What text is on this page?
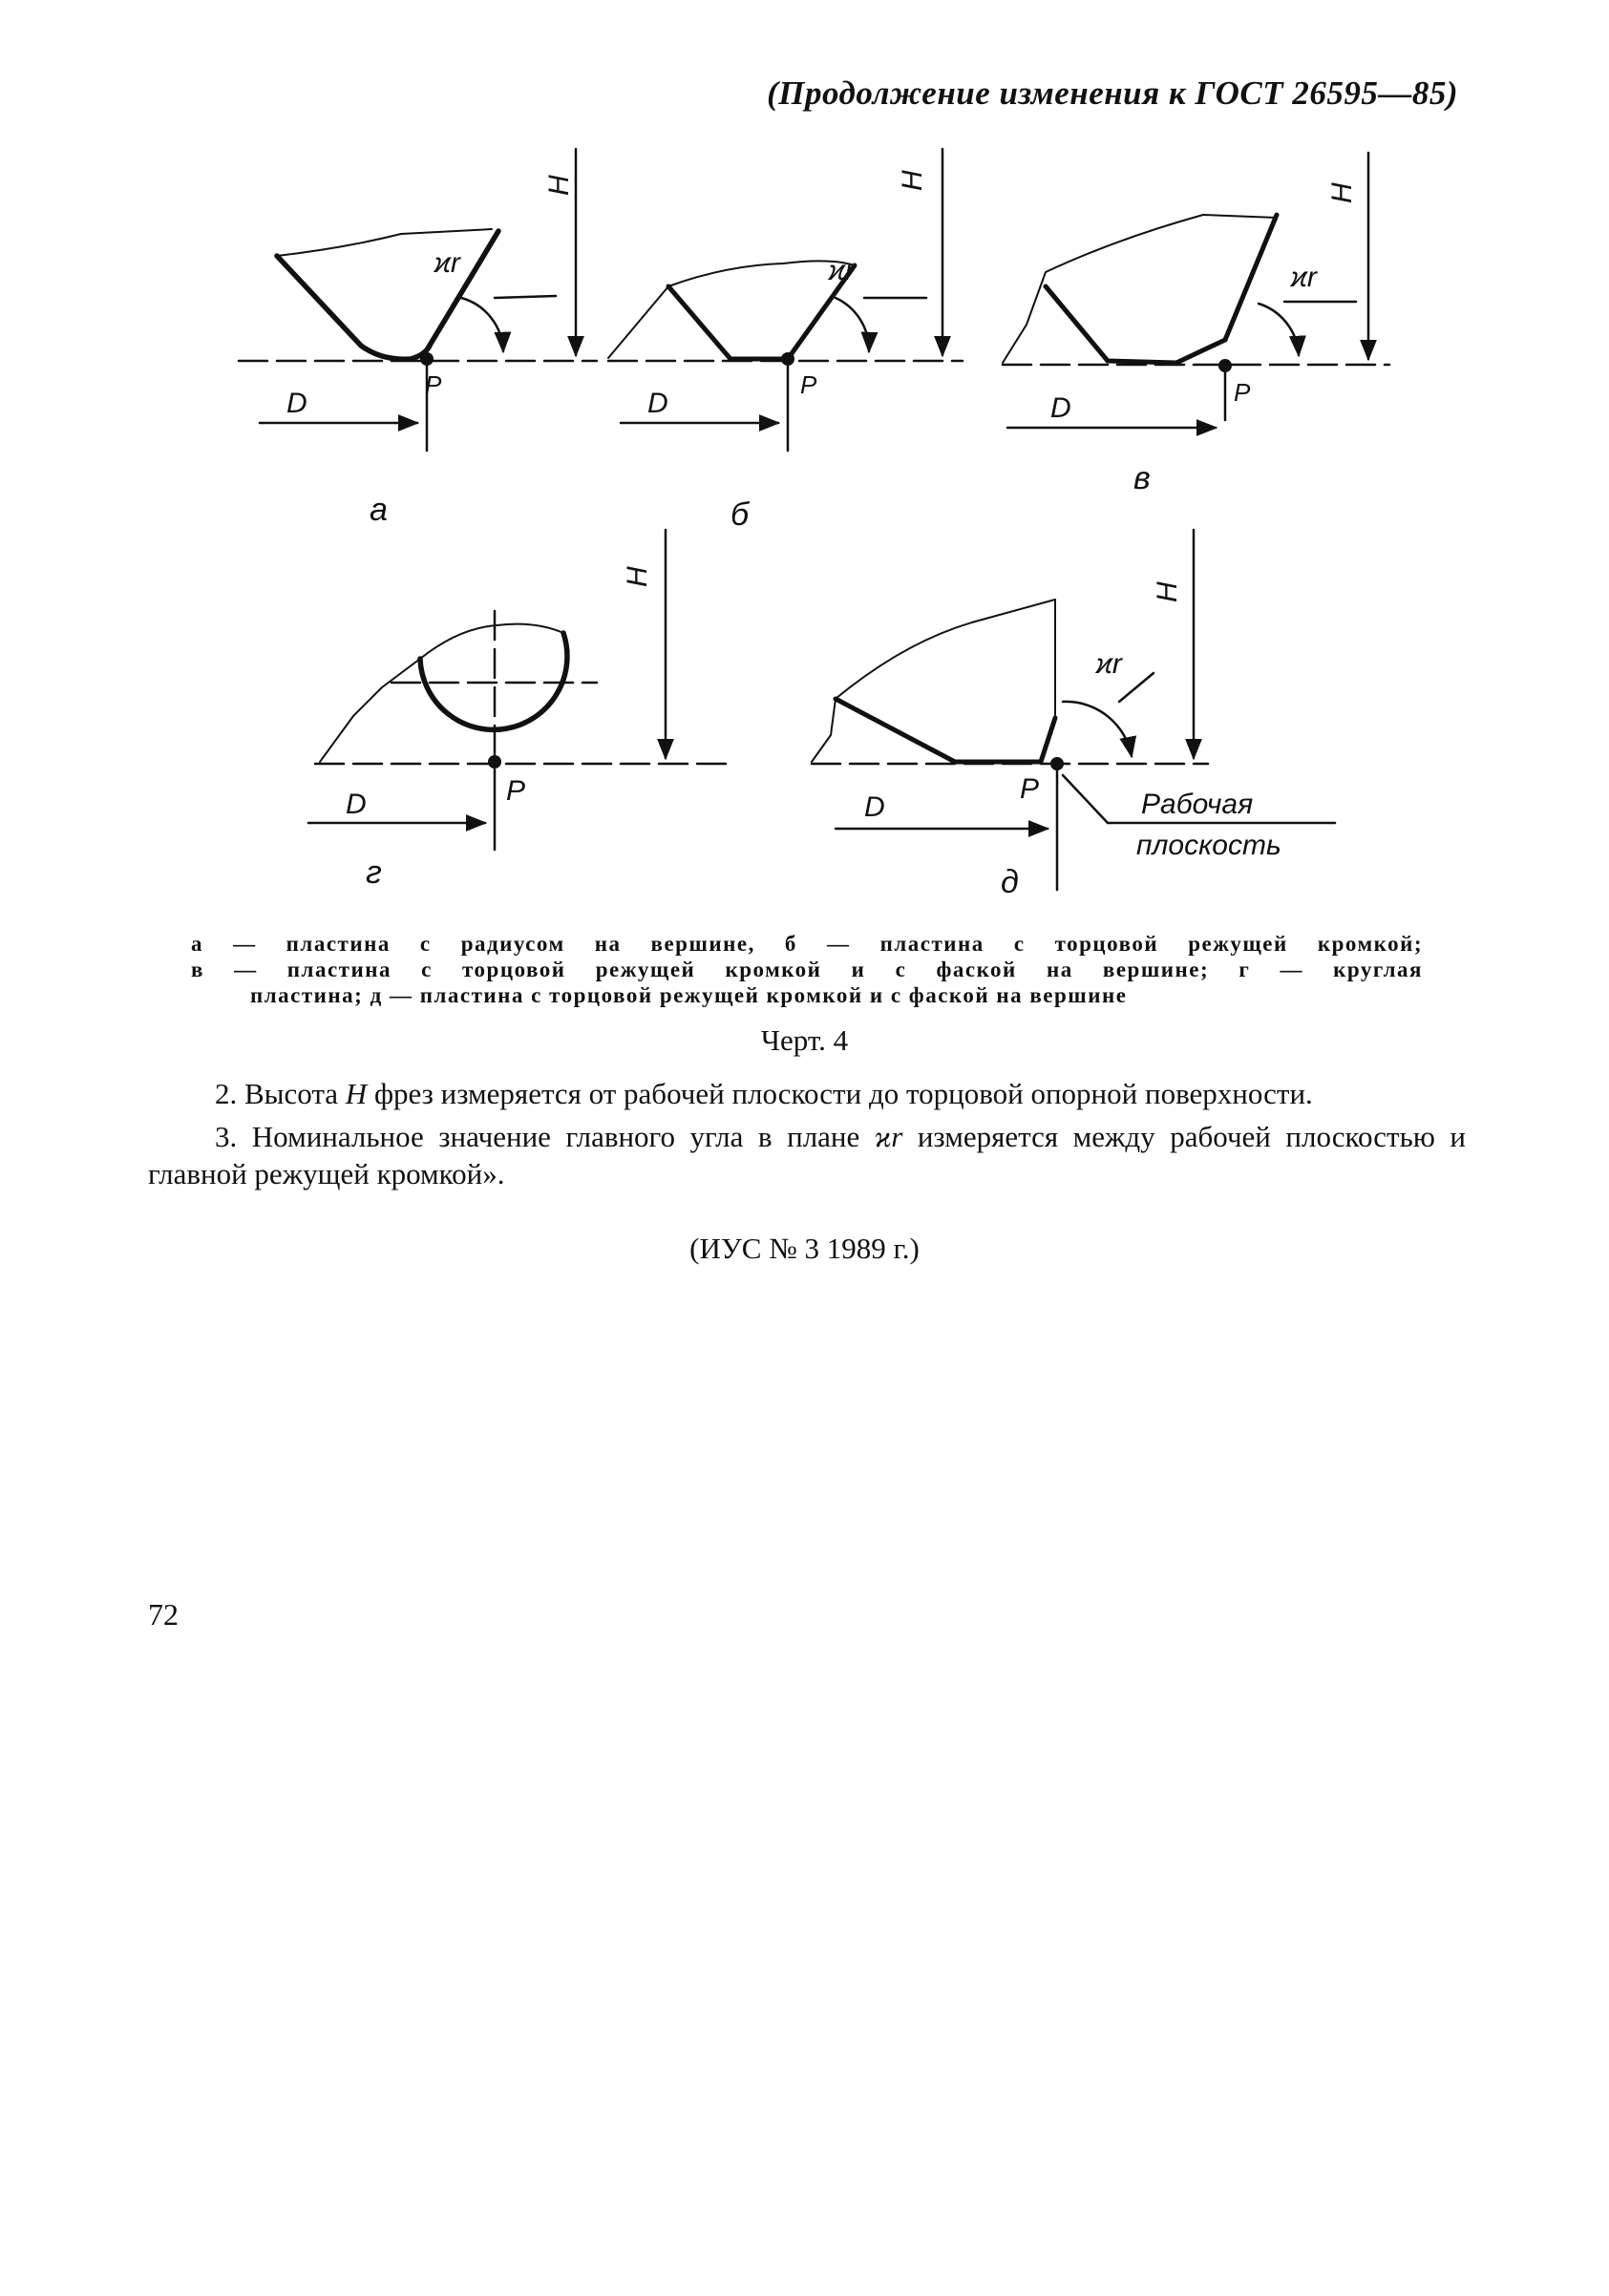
(Продолжение изменения к ГОСТ 26595—85)
H
ϰr
P
D
а
H
ϰr
P
D
б
H
ϰr
P
D
в
H
P
D
г
H
ϰr
P
D	Рабочая
плоскость
д
а — пластина с радиусом на вершине, б — пластина с торцовой режущей кромкой;
в — пластина с торцовой режущей кромкой и с фаской на вершине; г — круглая
пластина; д — пластина с торцовой режущей кромкой и с фаской на вершине
Черт. 4

2. Высота H фрез измеряется от рабочей плоскости до торцовой опорной поверхности.

3. Номинальное значение главного угла в плане ϰr измеряется между рабочей плоскостью и главной режущей кромкой».

(ИУС № 3 1989 г.)
72
